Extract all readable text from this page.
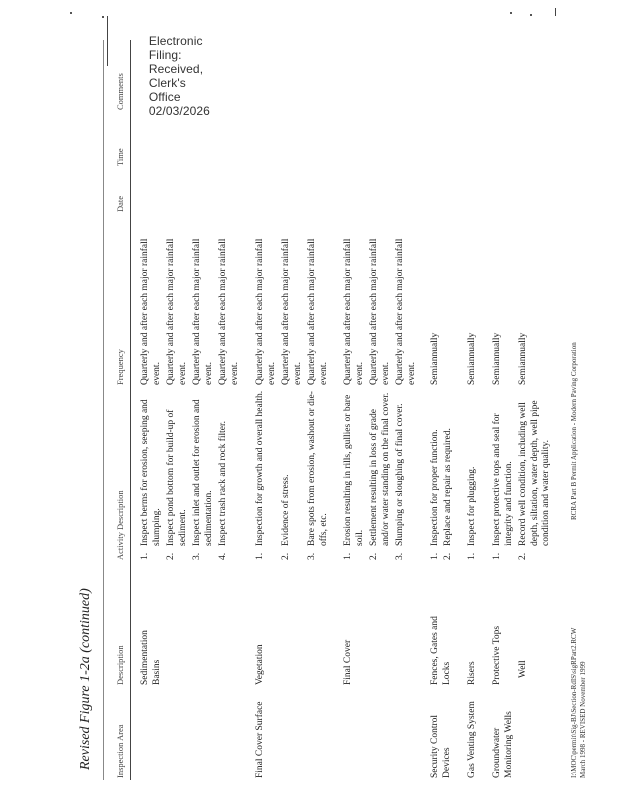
Electronic
Filing:
Received,
Clerk's
Office
02/03/2026

Revised Figure 1-2a (continued)	Inspection Area
Description
Activity Description
Frequency
Date
Time
Comments
Sedimentation Basins
1.
Inspect berms for erosion, seeping and slumping.
2.
Inspect pond bottom for build-up of sediment.
3.
Inspect inlet and outlet for erosion and sedimentation.
4.
Inspect trash rack and rock filter.
Quarterly and after each major rainfall event. Quarterly and after each major rainfall event. Quarterly and after each major rainfall event. Quarterly and after each major rainfall event.
Final Cover Surface
Vegetation
1.
Inspection for growth and overall health.
2.
Evidence of stress.
3.
Bare spots from erosion, washout or die-offs, etc.
Quarterly and after each major rainfall event. Quarterly and after each major rainfall event. Quarterly and after each major rainfall event.
Final Cover
1.
Erosion resulting in rills, gullies or bare soil.
2.
Settlement resulting in loss of grade and/or water standing on the final cover.
3.
Slumping or sloughing of final cover.
Quarterly and after each major rainfall event. Quarterly and after each major rainfall event. Quarterly and after each major rainfall event.
Security Control Devices
Fences, Gates and Locks
1.
Inspection for proper function.
2.
Replace and repair as required.
Semiannually
Gas Venting System
Risers
1.
Inspect for plugging.
Semiannually
Groundwater Monitoring Wells
Protective Tops Well
1.
Inspect protective tops and seal for integrity and function.
2.
Record well condition, including well depth, siltation, water depth, well pipe condition and water quality.
Semiannually Semiannually
I:\MOC\permit\Sig-BJ\Section-RdIS\sigRPart2.RCW March 1998 - REVISED November 1999
RCRA Part B Permit Application - Modern Paving Corporation
